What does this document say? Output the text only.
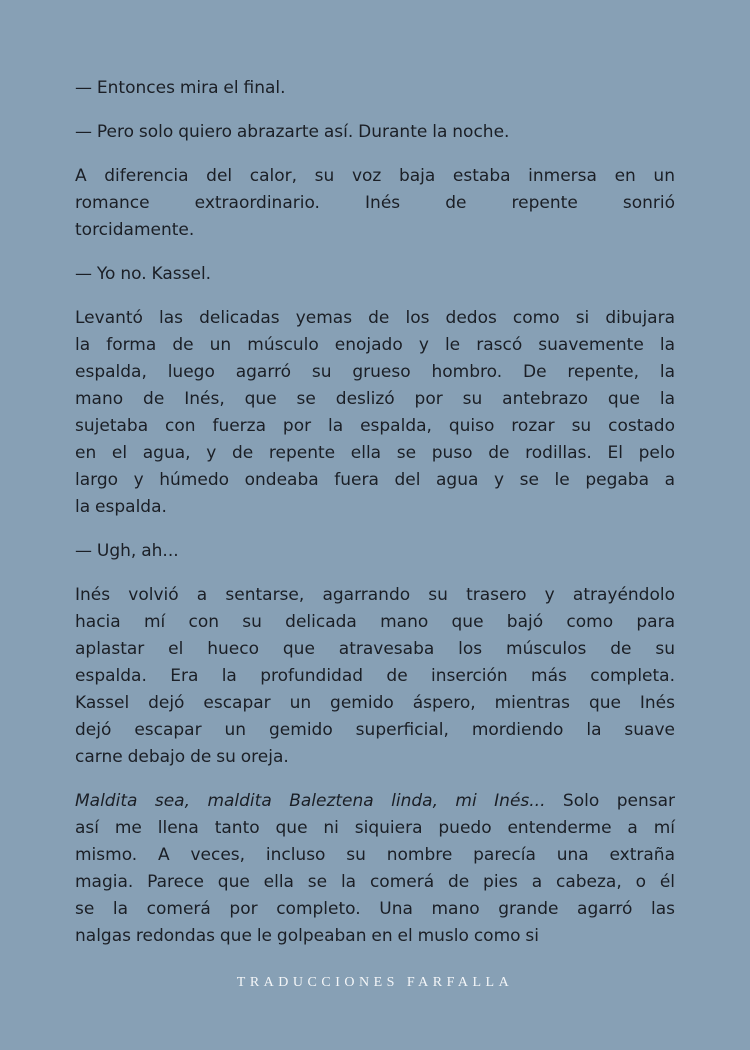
— Entonces mira el final.
— Pero solo quiero abrazarte así. Durante la noche.
A diferencia del calor, su voz baja estaba inmersa en un
romance extraordinario. Inés de repente sonrió
torcidamente.
— Yo no. Kassel.
Levantó las delicadas yemas de los dedos como si dibujara
la forma de un músculo enojado y le rascó suavemente la
espalda, luego agarró su grueso hombro. De repente, la
mano de Inés, que se deslizó por su antebrazo que la
sujetaba con fuerza por la espalda, quiso rozar su costado
en el agua, y de repente ella se puso de rodillas. El pelo
largo y húmedo ondeaba fuera del agua y se le pegaba a
la espalda.
— Ugh, ah...
Inés volvió a sentarse, agarrando su trasero y atrayéndolo
hacia mí con su delicada mano que bajó como para
aplastar el hueco que atravesaba los músculos de su
espalda. Era la profundidad de inserción más completa.
Kassel dejó escapar un gemido áspero, mientras que Inés
dejó escapar un gemido superficial, mordiendo la suave
carne debajo de su oreja.
Maldita sea, maldita Baleztena linda, mi Inés... Solo pensar
así me llena tanto que ni siquiera puedo entenderme a mí
mismo. A veces, incluso su nombre parecía una extraña
magia. Parece que ella se la comerá de pies a cabeza, o él
se la comerá por completo. Una mano grande agarró las
nalgas redondas que le golpeaban en el muslo como si
TRADUCCIONES FARFALLA
